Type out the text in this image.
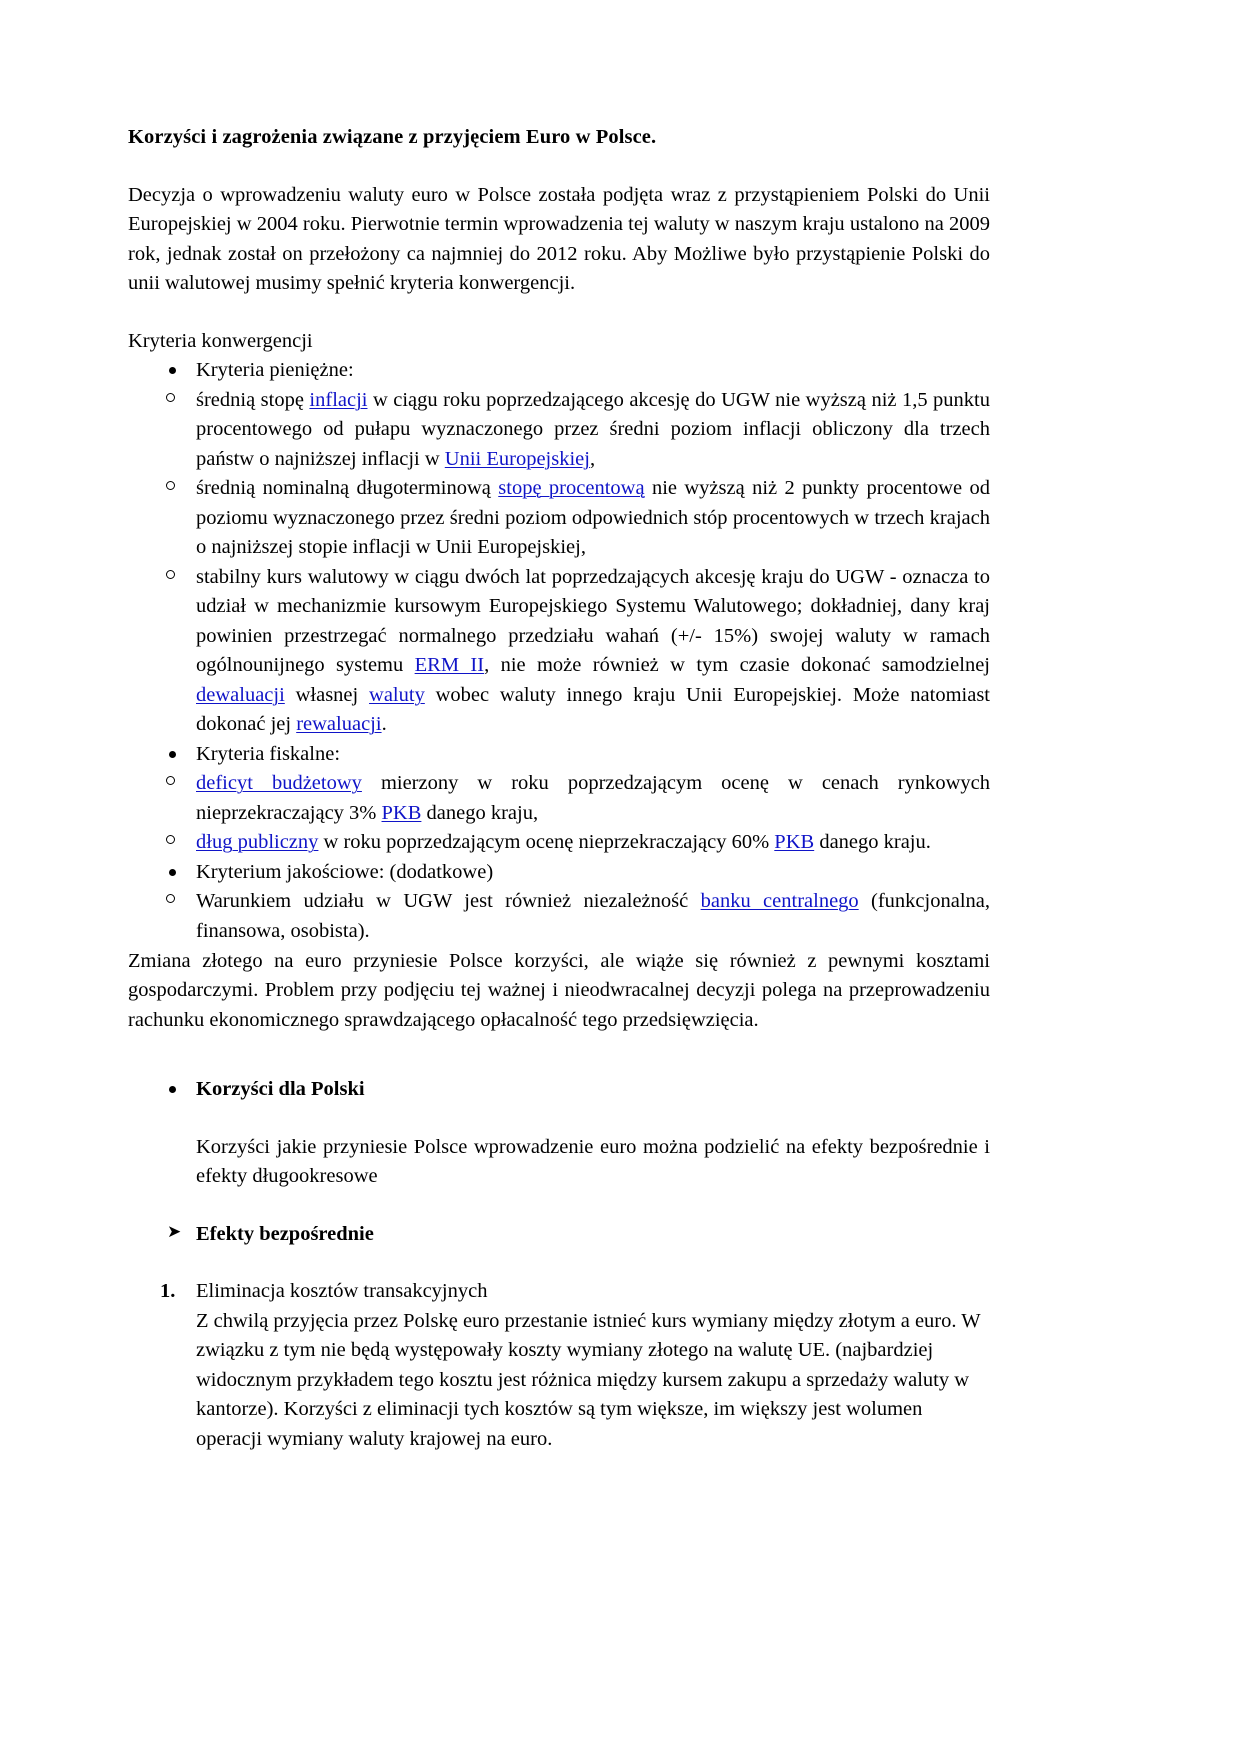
Korzyści i zagrożenia związane z przyjęciem Euro w Polsce.

Decyzja o wprowadzeniu waluty euro w Polsce została podjęta wraz z przystąpieniem Polski do Unii Europejskiej w 2004 roku. Pierwotnie termin wprowadzenia tej waluty w naszym kraju ustalono na 2009 rok, jednak został on przełożony ca najmniej do 2012 roku. Aby Możliwe było przystąpienie Polski do unii walutowej musimy spełnić kryteria konwergencji.

Kryteria konwergencji
Kryteria pieniężne:
średnią stopę inflacji w ciągu roku poprzedzającego akcesję do UGW nie wyższą niż 1,5 punktu procentowego od pułapu wyznaczonego przez średni poziom inflacji obliczony dla trzech państw o najniższej inflacji w Unii Europejskiej,
średnią nominalną długoterminową stopę procentową nie wyższą niż 2 punkty procentowe od poziomu wyznaczonego przez średni poziom odpowiednich stóp procentowych w trzech krajach o najniższej stopie inflacji w Unii Europejskiej,
stabilny kurs walutowy w ciągu dwóch lat poprzedzających akcesję kraju do UGW - oznacza to udział w mechanizmie kursowym Europejskiego Systemu Walutowego; dokładniej, dany kraj powinien przestrzegać normalnego przedziału wahań (+/- 15%) swojej waluty w ramach ogólnounijnego systemu ERM II, nie może również w tym czasie dokonać samodzielnej dewaluacji własnej waluty wobec waluty innego kraju Unii Europejskiej. Może natomiast dokonać jej rewaluacji.
Kryteria fiskalne:
deficyt budżetowy mierzony w roku poprzedzającym ocenę w cenach rynkowych nieprzekraczający 3% PKB danego kraju,
dług publiczny w roku poprzedzającym ocenę nieprzekraczający 60% PKB danego kraju.
Kryterium jakościowe: (dodatkowe)
Warunkiem udziału w UGW jest również niezależność banku centralnego (funkcjonalna, finansowa, osobista).

Zmiana złotego na euro przyniesie Polsce korzyści, ale wiąże się również z pewnymi kosztami gospodarczymi. Problem przy podjęciu tej ważnej i nieodwracalnej decyzji polega na przeprowadzeniu rachunku ekonomicznego sprawdzającego opłacalność tego przedsięwzięcia.

Korzyści dla Polski

Korzyści jakie przyniesie Polsce wprowadzenie euro można podzielić na efekty bezpośrednie i efekty długookresowe

➤ Efekty bezpośrednie
1. Eliminacja kosztów transakcyjnych
Z chwilą przyjęcia przez Polskę euro przestanie istnieć kurs wymiany między złotym a euro. W związku z tym nie będą występowały koszty wymiany złotego na walutę UE. (najbardziej widocznym przykładem tego kosztu jest różnica między kursem zakupu a sprzedaży waluty w kantorze). Korzyści z eliminacji tych kosztów są tym większe, im większy jest wolumen operacji wymiany waluty krajowej na euro.
